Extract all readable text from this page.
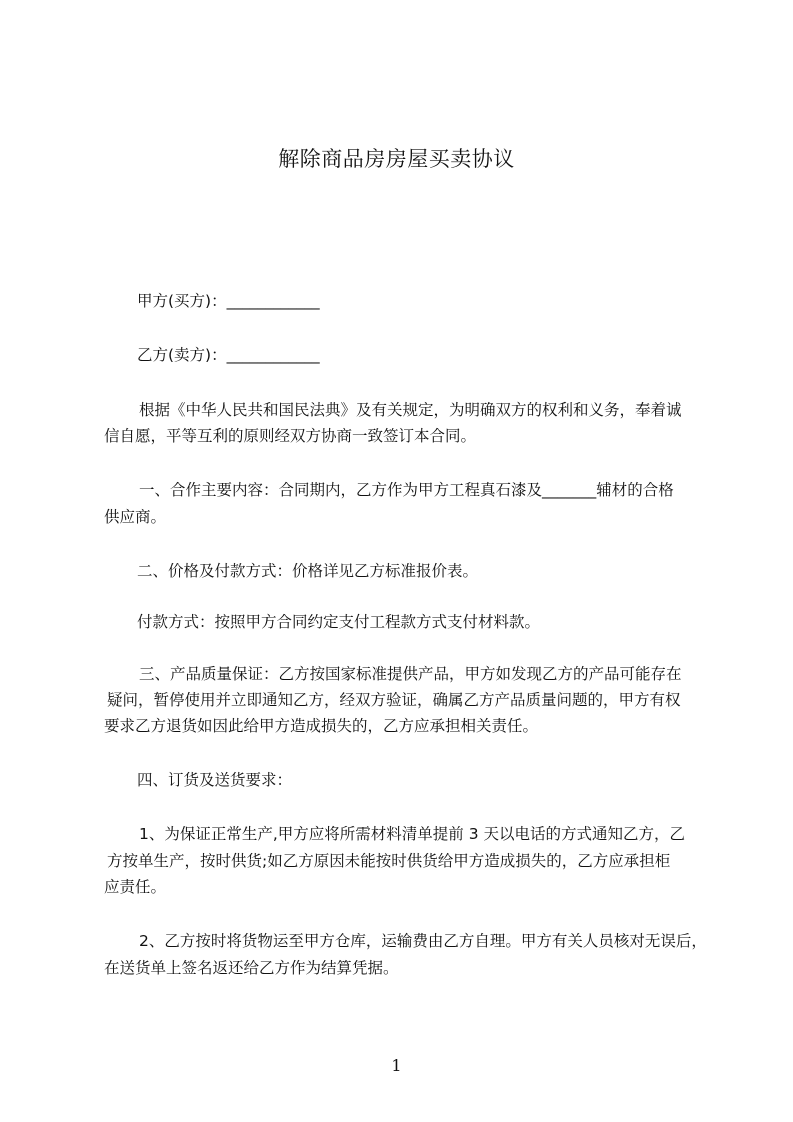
解除商品房房屋买卖协议
甲方(买方)：____________
乙方(卖方)：____________
根据《中华人民共和国民法典》及有关规定，为明确双方的权利和义务，奉着诚
信自愿，平等互利的原则经双方协商一致签订本合同。
一、合作主要内容：合同期内，乙方作为甲方工程真石漆及_______辅材的合格
供应商。
二、价格及付款方式：价格详见乙方标准报价表。
付款方式：按照甲方合同约定支付工程款方式支付材料款。
三、产品质量保证：乙方按国家标准提供产品，甲方如发现乙方的产品可能存在
疑问，暂停使用并立即通知乙方，经双方验证，确属乙方产品质量问题的，甲方有权
要求乙方退货如因此给甲方造成损失的，乙方应承担相关责任。
四、订货及送货要求：
1、为保证正常生产,甲方应将所需材料清单提前 3 天以电话的方式通知乙方，乙
方按单生产，按时供货;如乙方原因未能按时供货给甲方造成损失的，乙方应承担柜
应责任。
2、乙方按时将货物运至甲方仓库，运输费由乙方自理。甲方有关人员核对无误后，
在送货单上签名返还给乙方作为结算凭据。
1
